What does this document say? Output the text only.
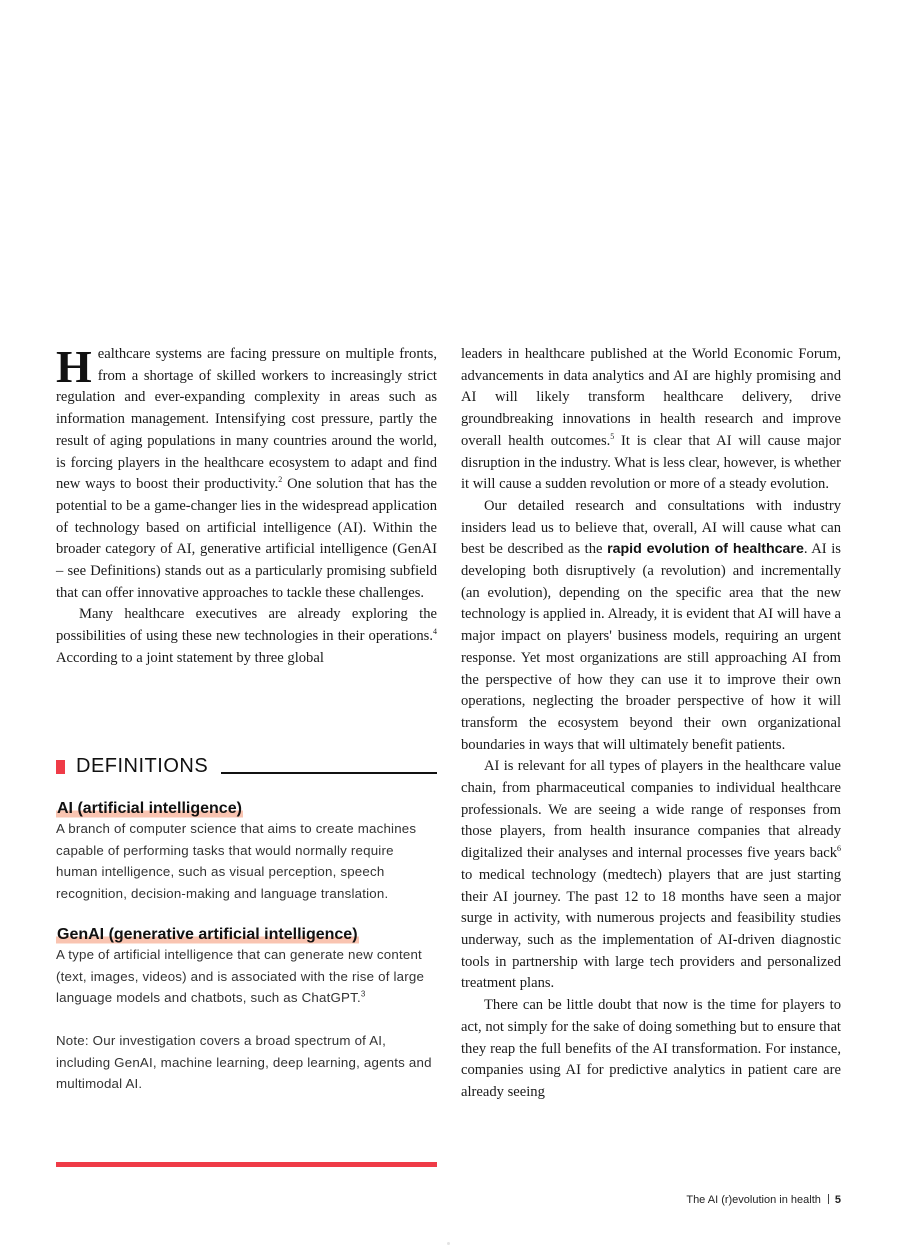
Healthcare systems are facing pressure on multiple fronts, from a shortage of skilled workers to increasingly strict regulation and ever-expanding complexity in areas such as information management. Intensifying cost pressure, partly the result of aging populations in many countries around the world, is forcing players in the healthcare ecosystem to adapt and find new ways to boost their productivity.$^2$ One solution that has the potential to be a game-changer lies in the widespread application of technology based on artificial intelligence (AI). Within the broader category of AI, generative artificial intelligence (GenAI – see Definitions) stands out as a particularly promising subfield that can offer innovative approaches to tackle these challenges.

Many healthcare executives are already exploring the possibilities of using these new technologies in their operations.$^4$ According to a joint statement by three global

DEFINITIONS
AI (artificial intelligence)

A branch of computer science that aims to create machines capable of performing tasks that would normally require human intelligence, such as visual perception, speech recognition, decision-making and language translation.

GenAI (generative artificial intelligence)

A type of artificial intelligence that can generate new content (text, images, videos) and is associated with the rise of large language models and chatbots, such as ChatGPT.$^3$

Note: Our investigation covers a broad spectrum of AI, including GenAI, machine learning, deep learning, agents and multimodal AI.

leaders in healthcare published at the World Economic Forum, advancements in data analytics and AI are highly promising and AI will likely transform healthcare delivery, drive groundbreaking innovations in health research and improve overall health outcomes.$^5$ It is clear that AI will cause major disruption in the industry. What is less clear, however, is whether it will cause a sudden revolution or more of a steady evolution.

Our detailed research and consultations with industry insiders lead us to believe that, overall, AI will cause what can best be described as the rapid evolution of healthcare. AI is developing both disruptively (a revolution) and incrementally (an evolution), depending on the specific area that the new technology is applied in. Already, it is evident that AI will have a major impact on players' business models, requiring an urgent response. Yet most organizations are still approaching AI from the perspective of how they can use it to improve their own operations, neglecting the broader perspective of how it will transform the ecosystem beyond their own organizational boundaries in ways that will ultimately benefit patients.

AI is relevant for all types of players in the healthcare value chain, from pharmaceutical companies to individual healthcare professionals. We are seeing a wide range of responses from those players, from health insurance companies that already digitalized their analyses and internal processes five years back$^6$ to medical technology (medtech) players that are just starting their AI journey. The past 12 to 18 months have seen a major surge in activity, with numerous projects and feasibility studies underway, such as the implementation of AI-driven diagnostic tools in partnership with large tech providers and personalized treatment plans.

There can be little doubt that now is the time for players to act, not simply for the sake of doing something but to ensure that they reap the full benefits of the AI transformation. For instance, companies using AI for predictive analytics in patient care are already seeing

The AI (r)evolution in health 5
